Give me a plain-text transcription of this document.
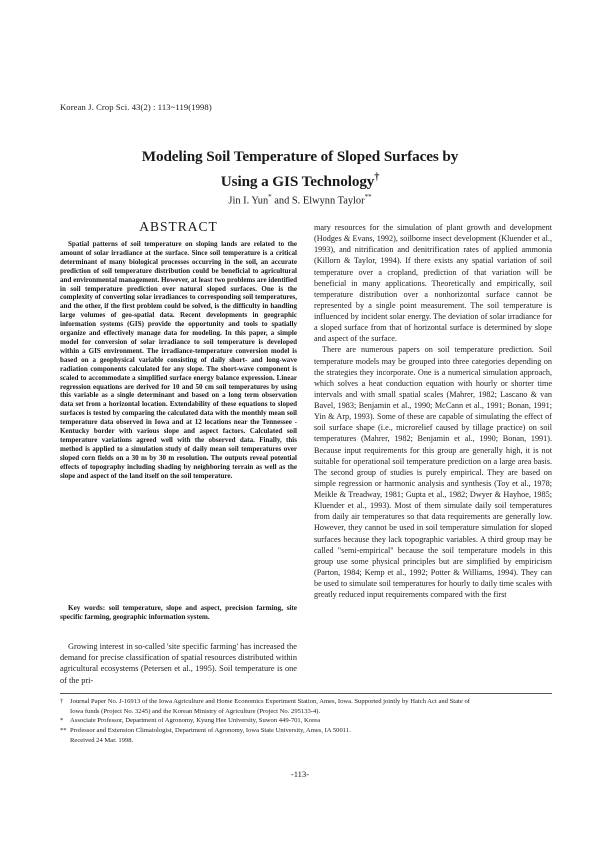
Korean J. Crop Sci. 43(2) : 113~119(1998)
Modeling Soil Temperature of Sloped Surfaces by
Using a GIS Technology†
Jin I. Yun* and S. Elwynn Taylor**
ABSTRACT

Spatial patterns of soil temperature on sloping lands are related to the amount of solar irradiance at the surface. Since soil temperature is a critical determinant of many biological processes occurring in the soil, an accurate prediction of soil temperature distribution could be beneficial to agricultural and environmental management. However, at least two problems are identified in soil temperature prediction over natural sloped surfaces. One is the complexity of converting solar irradiances to corresponding soil temperatures, and the other, if the first problem could be solved, is the difficulty in handling large volumes of geo-spatial data. Recent developments in geographic information systems (GIS) provide the opportunity and tools to spatially organize and effectively manage data for modeling. In this paper, a simple model for conversion of solar irradiance to soil temperature is developed within a GIS environment. The irradiance-temperature conversion model is based on a geophysical variable consisting of daily short- and long-wave radiation components calculated for any slope. The short-wave component is scaled to accommodate a simplified surface energy balance expression. Linear regression equations are derived for 10 and 50 cm soil temperatures by using this variable as a single determinant and based on a long term observation data set from a horizontal location. Extendability of these equations to sloped surfaces is tested by comparing the calculated data with the monthly mean soil temperature data observed in Iowa and at 12 locations near the Tennessee - Kentucky border with various slope and aspect factors. Calculated soil temperature variations agreed well with the observed data. Finally, this method is applied to a simulation study of daily mean soil temperatures over sloped corn fields on a 30 m by 30 m resolution. The outputs reveal potential effects of topography including shading by neighboring terrain as well as the slope and aspect of the land itself on the soil temperature.

Key words: soil temperature, slope and aspect, precision farming, site specific farming, geographic information system.

Growing interest in so-called 'site specific farming' has increased the demand for precise classification of spatial resources distributed within agricultural ecosystems (Petersen et al., 1995). Soil temperature is one of the pri-

mary resources for the simulation of plant growth and development (Hodges & Evans, 1992), soilborne insect development (Kluender et al., 1993), and nitrification and denitrification rates of applied ammonia (Killorn & Taylor, 1994). If there exists any spatial variation of soil temperature over a cropland, prediction of that variation will be beneficial in many applications. Theoretically and empirically, soil temperature distribution over a nonhorizontal surface cannot be represented by a single point measurement. The soil temperature is influenced by incident solar energy. The deviation of solar irradiance for a sloped surface from that of horizontal surface is determined by slope and aspect of the surface.

There are numerous papers on soil temperature prediction. Soil temperature models may be grouped into three categories depending on the strategies they incorporate. One is a numerical simulation approach, which solves a heat conduction equation with hourly or shorter time intervals and with small spatial scales (Mahrer, 1982; Lascano & van Bavel, 1983; Benjamin et al., 1990; McCann et al., 1991; Bonan, 1991; Yin & Arp, 1993). Some of these are capable of simulating the effect of soil surface shape (i.e., microrelief caused by tillage practice) on soil temperatures (Mahrer, 1982; Benjamin et al., 1990; Bonan, 1991). Because input requirements for this group are generally high, it is not suitable for operational soil temperature prediction on a large area basis. The second group of studies is purely empirical. They are based on simple regression or harmonic analysis and synthesis (Toy et al., 1978; Meikle & Treadway, 1981; Gupta et al., 1982; Dwyer & Hayhoe, 1985; Kluender et al., 1993). Most of them simulate daily soil temperatures from daily air temperatures so that data requirements are generally low. However, they cannot be used in soil temperature simulation for sloped surfaces because they lack topographic variables. A third group may be called "semi-empirical" because the soil temperature models in this group use some physical principles but are simplified by empiricism (Parton, 1984; Kemp et al., 1992; Potter & Williams, 1994). They can be used to simulate soil temperatures for hourly to daily time scales with greatly reduced input requirements compared with the first

† Journal Paper No. J-16913 of the Iowa Agriculture and Home Economics Experiment Station, Ames, Iowa. Supported jointly by Hatch Act and State of
Iowa funds (Project No. 3245) and the Korean Ministry of Agriculture (Project No. 295133-4).
* Associate Professor, Department of Agronomy, Kyung Hee University, Suwon 449-701, Korea
** Professor and Extension Climatologist, Department of Agronomy, Iowa State University, Ames, IA 50011.
Received 24 Mar. 1998.
-113-
